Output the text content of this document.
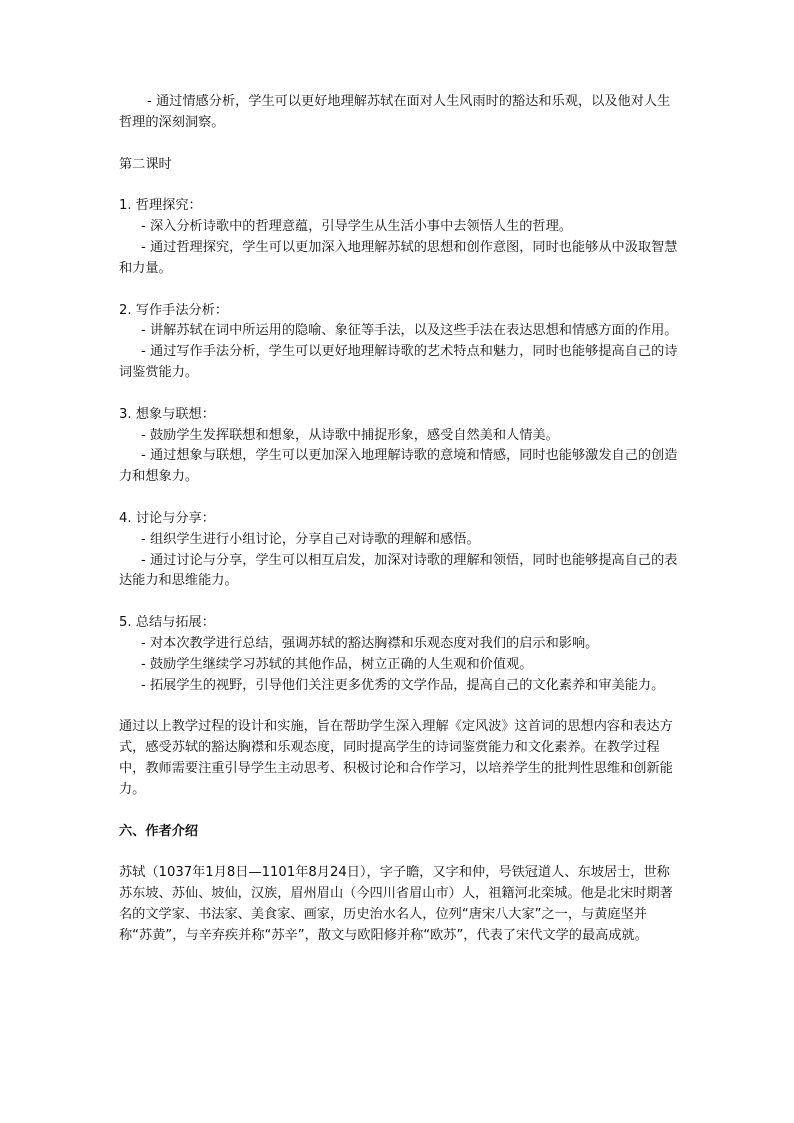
- 通过情感分析，学生可以更好地理解苏轼在面对人生风雨时的豁达和乐观，以及他对人生哲理的深刻洞察。

第二课时

1. 哲理探究：

- 深入分析诗歌中的哲理意蕴，引导学生从生活小事中去领悟人生的哲理。

- 通过哲理探究，学生可以更加深入地理解苏轼的思想和创作意图，同时也能够从中汲取智慧和力量。

2. 写作手法分析：

- 讲解苏轼在词中所运用的隐喻、象征等手法，以及这些手法在表达思想和情感方面的作用。

- 通过写作手法分析，学生可以更好地理解诗歌的艺术特点和魅力，同时也能够提高自己的诗词鉴赏能力。

3. 想象与联想：

- 鼓励学生发挥联想和想象，从诗歌中捕捉形象，感受自然美和人情美。

- 通过想象与联想，学生可以更加深入地理解诗歌的意境和情感，同时也能够激发自己的创造力和想象力。

4. 讨论与分享：

- 组织学生进行小组讨论，分享自己对诗歌的理解和感悟。

- 通过讨论与分享，学生可以相互启发，加深对诗歌的理解和领悟，同时也能够提高自己的表达能力和思维能力。

5. 总结与拓展：

- 对本次教学进行总结，强调苏轼的豁达胸襟和乐观态度对我们的启示和影响。

- 鼓励学生继续学习苏轼的其他作品，树立正确的人生观和价值观。

- 拓展学生的视野，引导他们关注更多优秀的文学作品，提高自己的文化素养和审美能力。

通过以上教学过程的设计和实施，旨在帮助学生深入理解《定风波》这首词的思想内容和表达方式，感受苏轼的豁达胸襟和乐观态度，同时提高学生的诗词鉴赏能力和文化素养。在教学过程中，教师需要注重引导学生主动思考、积极讨论和合作学习，以培养学生的批判性思维和创新能力。

六、作者介绍

苏轼（1037年1月8日—1101年8月24日），字子瞻，又字和仲，号铁冠道人、东坡居士，世称苏东坡、苏仙、坡仙，汉族，眉州眉山（今四川省眉山市）人，祖籍河北栾城。他是北宋时期著名的文学家、书法家、美食家、画家，历史治水名人，位列“唐宋八大家”之一，与黄庭坚并称“苏黄”，与辛弃疾并称“苏辛”，散文与欧阳修并称“欧苏”，代表了宋代文学的最高成就。
